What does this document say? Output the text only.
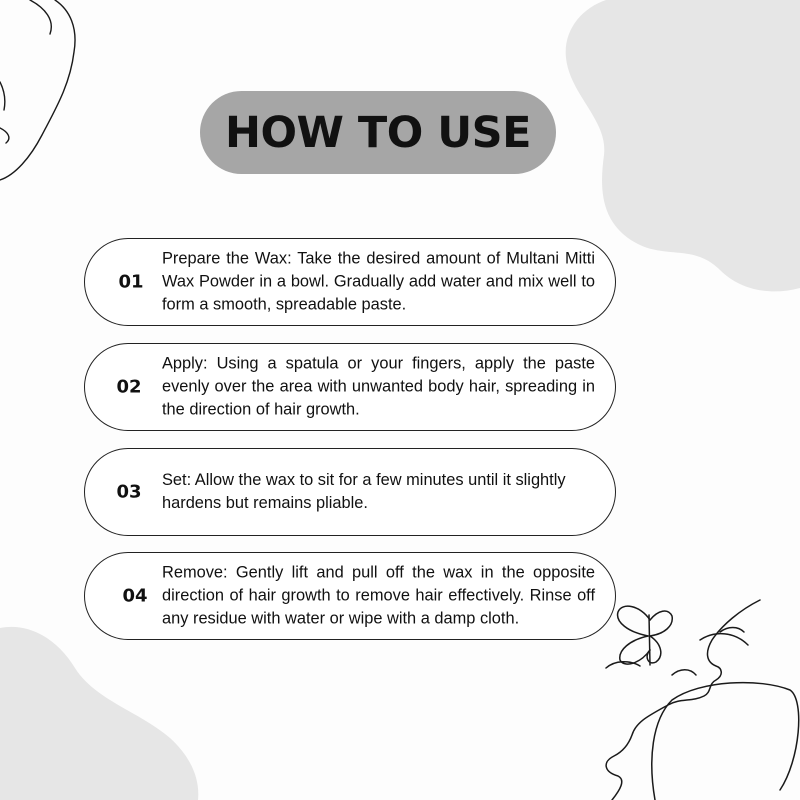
HOW TO USE
01
Prepare the Wax: Take the desired amount of Multani Mitti Wax Powder in a bowl. Gradually add water and mix well to form a smooth, spreadable paste.
02
Apply: Using a spatula or your fingers, apply the paste evenly over the area with unwanted body hair, spreading in the direction of hair growth.
03
Set: Allow the wax to sit for a few minutes until it slightly hardens but remains pliable.
04
Remove: Gently lift and pull off the wax in the opposite direction of hair growth to remove hair effectively. Rinse off any residue with water or wipe with a damp cloth.
